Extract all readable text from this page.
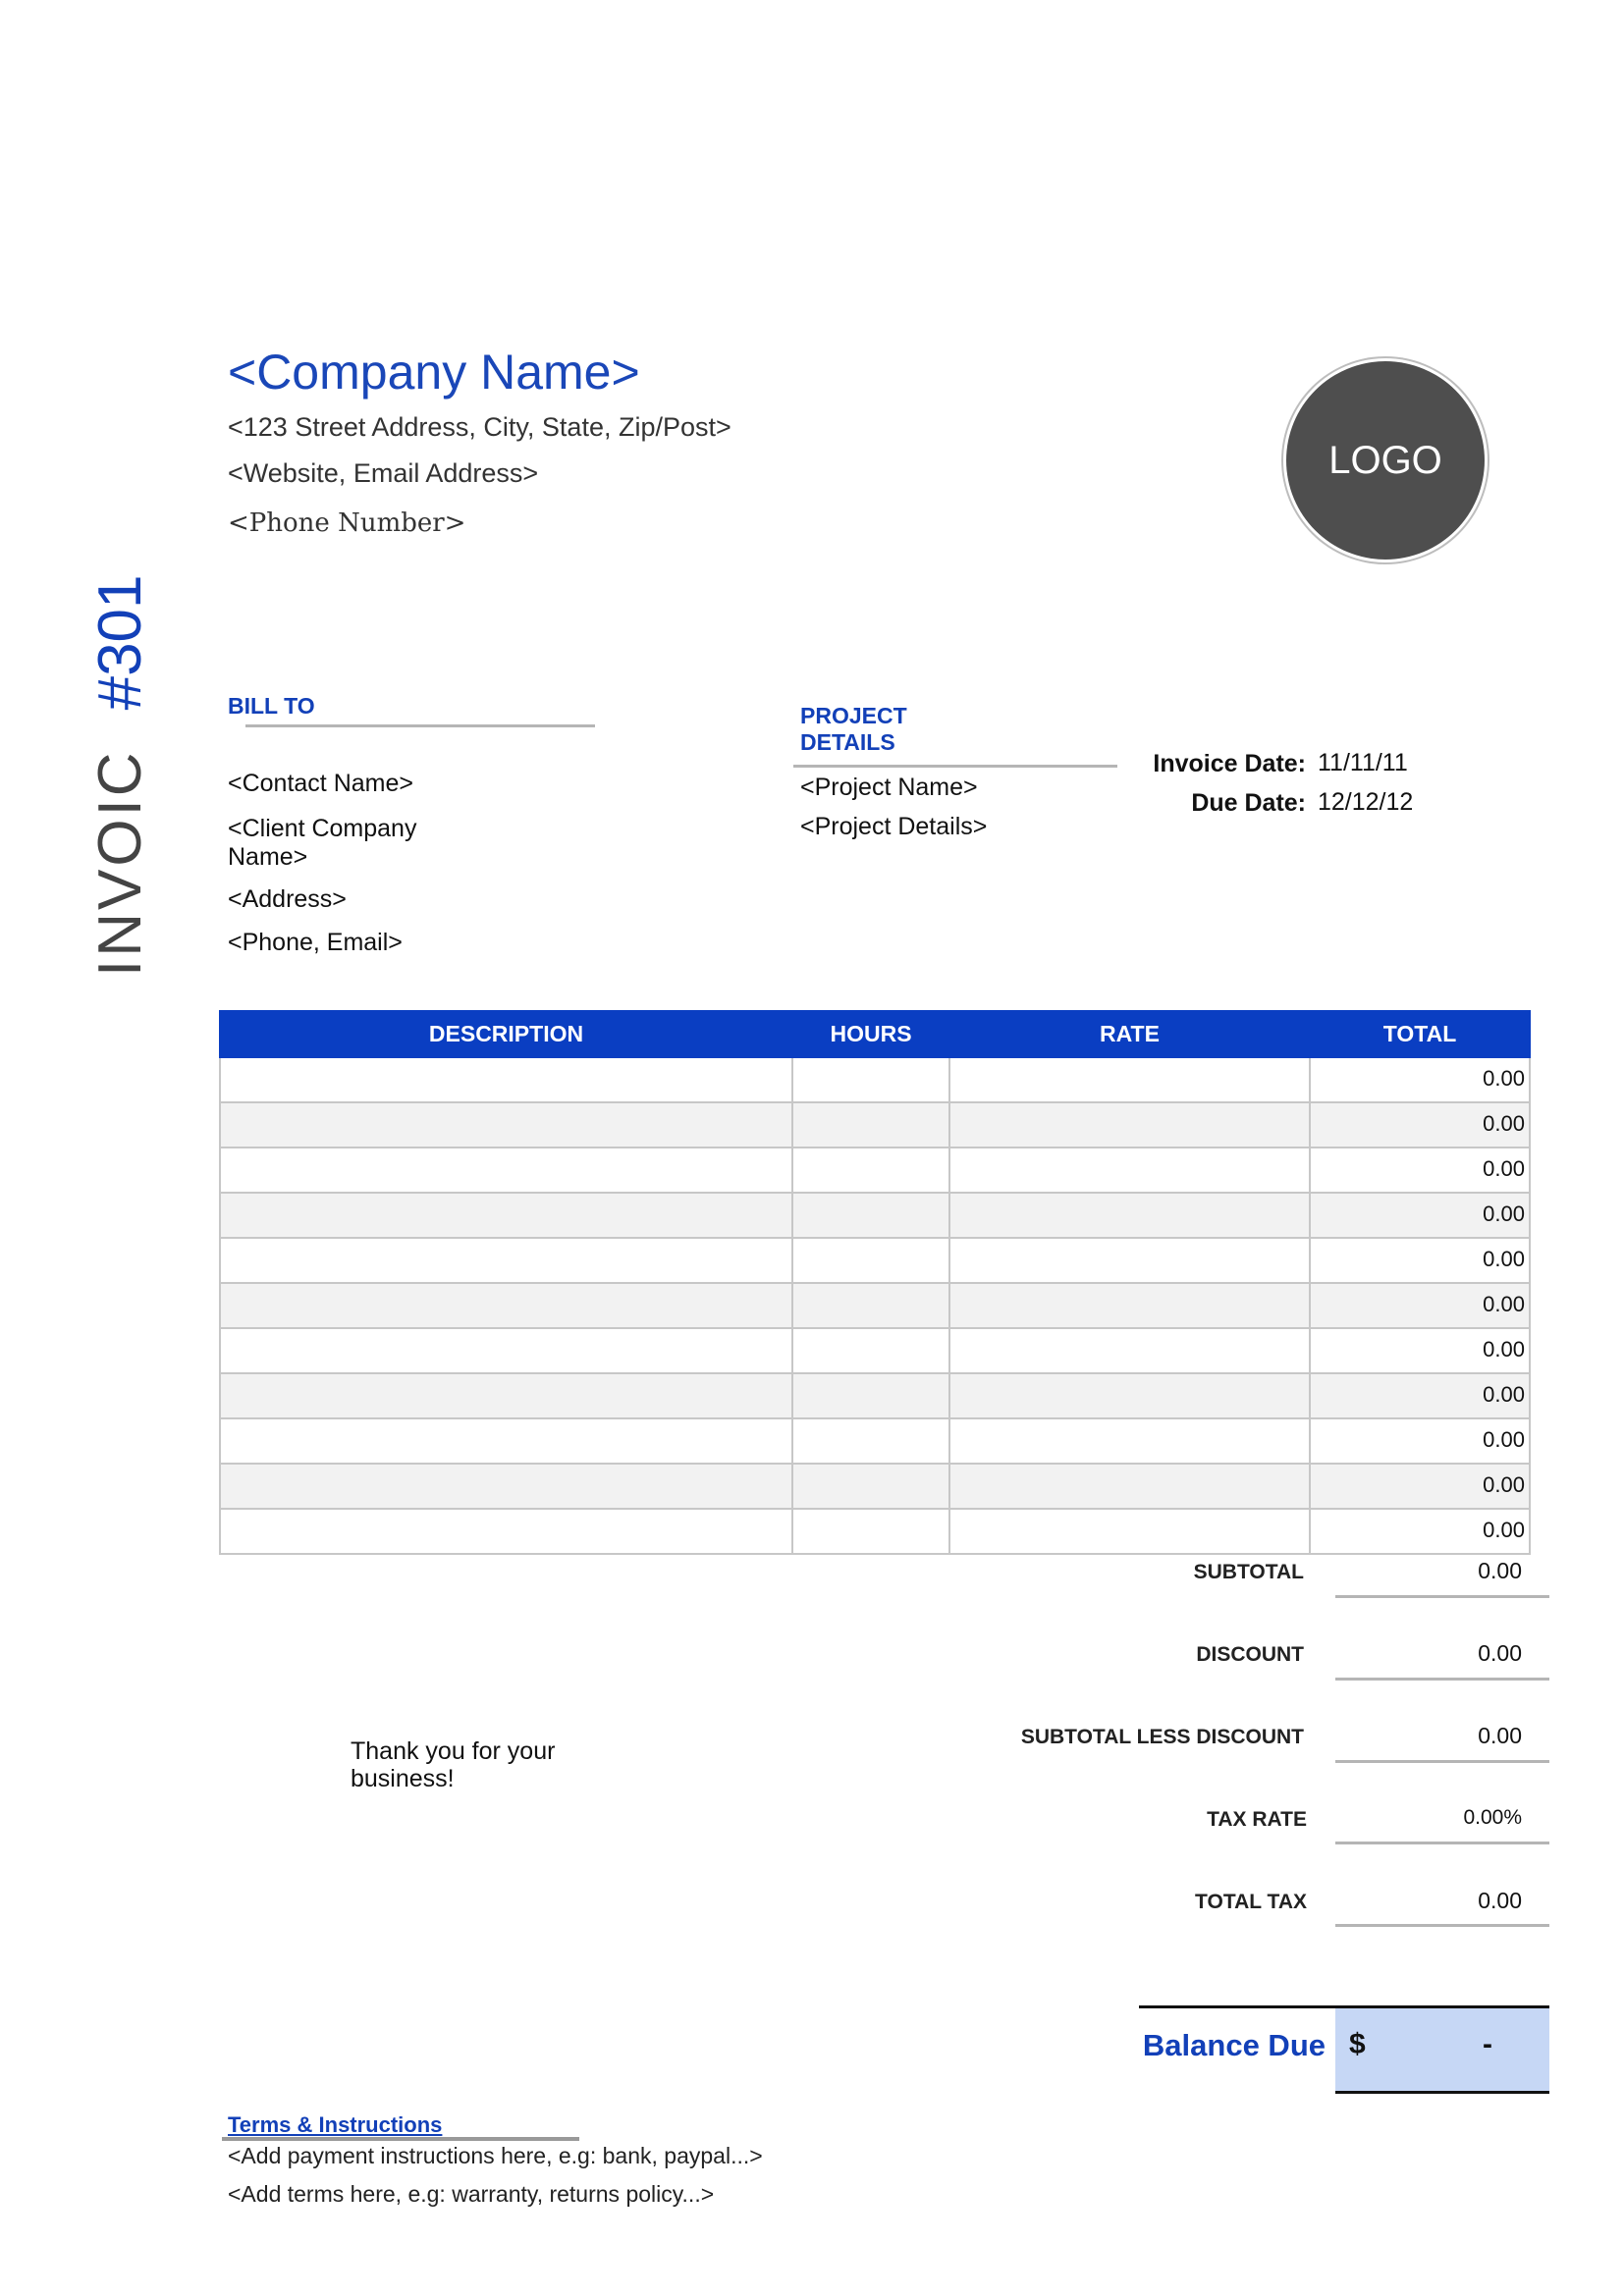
<Company Name>
<123 Street Address, City, State, Zip/Post>
<Website, Email Address>
<Phone Number>
LOGO
INVOIC#301	BILL TO
<Contact Name>
<Client Company
Name>
<Address>
<Phone, Email>
PROJECT
DETAILS
<Project Name>
<Project Details>
Invoice Date: 11/11/11
Due Date: 12/12/12
DESCRIPTION	HOURS	RATE	TOTAL
			0.00
			0.00
			0.00
			0.00
			0.00
			0.00
			0.00
			0.00
			0.00
			0.00
			0.00
SUBTOTAL	0.00
DISCOUNT	0.00
SUBTOTAL LESS DISCOUNT	0.00
TAX RATE	0.00%
TOTAL TAX	0.00
Thank you for your
business!
Balance Due $	-
Terms & Instructions
<Add payment instructions here, e.g: bank, paypal...>
<Add terms here, e.g: warranty, returns policy...>
